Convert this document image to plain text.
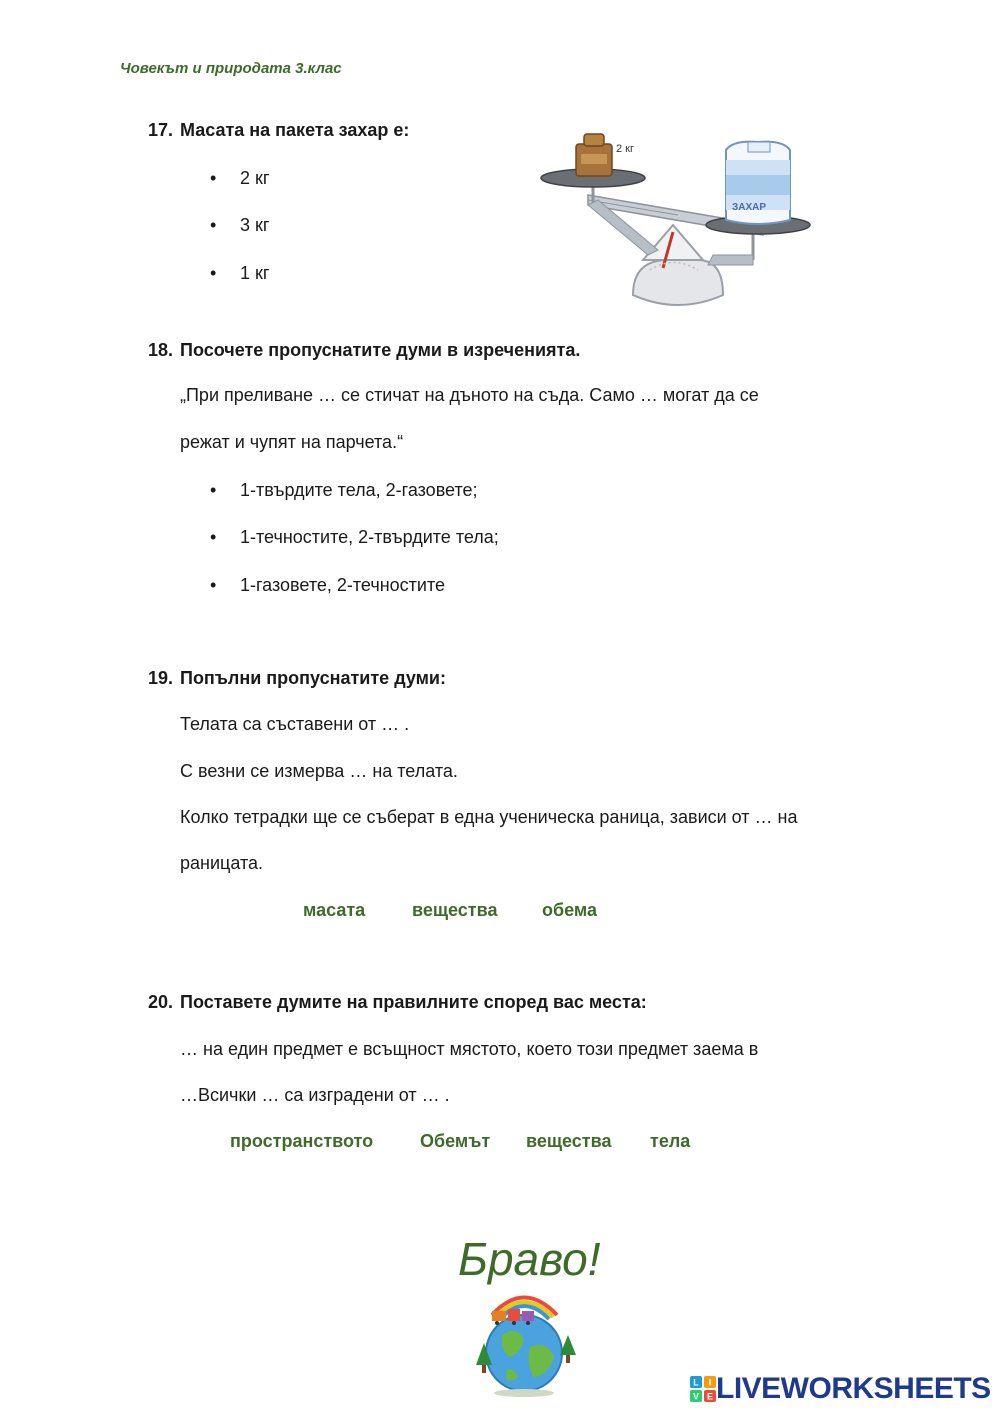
Човекът и природата 3.клас
17. Масата на пакета захар е:
• 2 кг
• 3 кг
• 1 кг
2 кг
ЗАХАР
18. Посочете пропуснатите думи в изреченията.
„При преливане … се стичат на дъното на съда. Само … могат да се
режат и чупят на парчета.“
• 1-твърдите тела, 2-газовете;
• 1-течностите, 2-твърдите тела;
• 1-газовете, 2-течностите
19. Попълни пропуснатите думи:
Телата са съставени от … .
С везни се измерва … на телата.
Колко тетрадки ще се съберат в една ученическа раница, зависи от … на
раницата.
масата	вещества обема
20. Поставете думите на правилните според вас места:
… на един предмет е всъщност мястото, което този предмет заема в
…Всички … са изградени от … .
пространството	Обемът вещества тела
Браво!
L I
V E LIVEWORKSHEETS
